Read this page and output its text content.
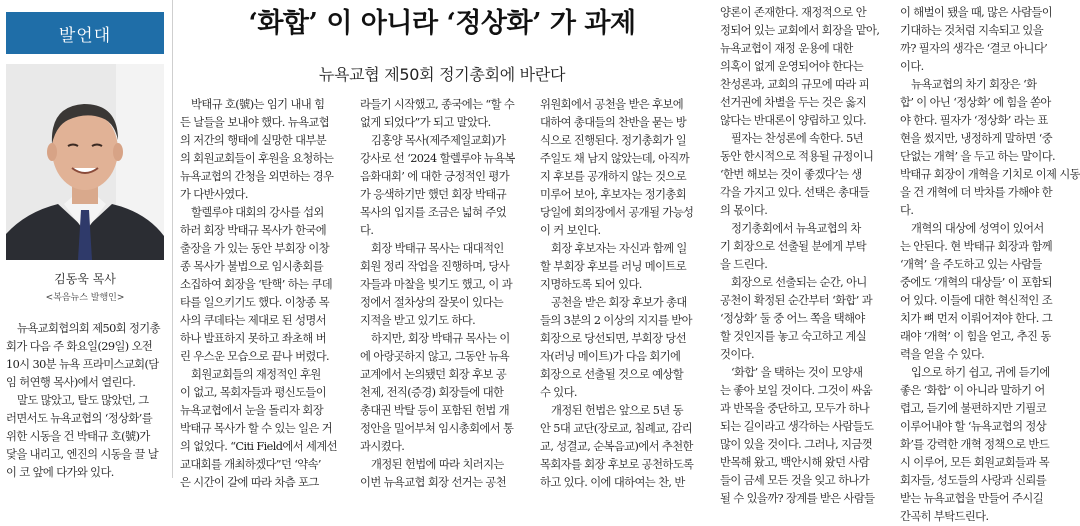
발언대
김동욱 목사
<복음뉴스 발행인>
‘화합’ 이 아니라 ‘정상화’ 가 과제
뉴욕교협 제50회 정기총회에 바란다
뉴욕교회협의회 제50회 정기총
회가 다음 주 화요일(29일) 오전
10시 30분 뉴욕 프라미스교회(담
임 허연행 목사)에서 열린다.
말도 많았고, 탈도 많았던, 그
러면서도 뉴욕교협의 ‘정상화’를
위한 시동을 건 박태규 호(號)가
닻을 내리고, 엔진의 시동을 끌 날
이 코 앞에 다가와 있다.
박태규 호(號)는 임기 내내 힘
든 날들을 보내야 했다. 뉴욕교협
의 저간의 행태에 실망한 대부분
의 회원교회들이 후원을 요청하는
뉴욕교협의 간청을 외면하는 경우
가 다반사였다.
할렐루야 대회의 강사를 섭외
하러 회장 박태규 목사가 한국에
출장을 가 있는 동안 부회장 이창
종 목사가 불법으로 임시총회를
소집하여 회장을 ‘탄핵’ 하는 쿠데
타를 일으키기도 했다. 이창종 목
사의 쿠데타는 제대로 된 성명서
하나 발표하지 못하고 좌초해 버
린 우스운 모습으로 끝나 버렸다.
회원교회들의 재정적인 후원
이 없고, 목회자들과 평신도들이
뉴욕교협에서 눈을 돌리자 회장
박태규 목사가 할 수 있는 일은 거
의 없었다. “Citi Field에서 세계선
교대회를 개최하겠다”던 ‘약속’
은 시간이 갈에 따라 차츰 포그
라들기 시작했고, 종국에는 “할 수
없게 되었다”가 되고 말았다.
김홍양 목사(제주제일교회)가
강사로 선 ‘2024 할렐루야 뉴욕복
음화대회’ 에 대한 긍정적인 평가
가 응색하기만 했던 회장 박태규
목사의 입지를 조금은 넓혀 주었
다.
회장 박태규 목사는 대대적인
회원 정리 작업을 진행하며, 당사
자들과 마찰을 빚기도 했고, 이 과
정에서 절차상의 잘못이 있다는
지적을 받고 있기도 하다.
하지만, 회장 박태규 목사는 이
에 아랑곳하지 않고, 그동안 뉴욕
교계에서 논의됐던 회장 후보 공
천제, 전직(증경) 회장들에 대한
총대권 박탈 등이 포함된 헌법 개
정안을 밀어부쳐 임시총회에서 통
과시켰다.
개정된 헌법에 따라 치러지는
이번 뉴욕교협 회장 선거는 공천
위원회에서 공천을 받은 후보에
대하여 총대들의 찬반을 묻는 방
식으로 진행된다. 정기총회가 일
주일도 채 남지 않았는데, 아직까
지 후보를 공개하지 않는 것으로
미루어 보아, 후보자는 정기총회
당일에 회의장에서 공개될 가능성
이 커 보인다.
회장 후보자는 자신과 함께 일
할 부회장 후보를 러닝 메이트로
지명하도록 되어 있다.
공천을 받은 회장 후보가 총대
들의 3분의 2 이상의 지지를 받아
회장으로 당선되면, 부회장 당선
자(러닝 메이트)가 다음 회기에
회장으로 선출될 것으로 예상할
수 있다.
개정된 헌법은 앞으로 5년 동
안 5대 교단(장로교, 침례교, 감리
교, 성결교, 순복음교)에서 추천한
목회자를 회장 후보로 공천하도록
하고 있다. 이에 대하여는 찬, 반
양론이 존재한다. 재정적으로 안
정되어 있는 교회에서 회장을 맡아,
뉴욕교협이 재정 운용에 대한
의혹이 없게 운영되어야 한다는
찬성론과, 교회의 규모에 따라 피
선거권에 차별을 두는 것은 옳지
않다는 반대론이 양립하고 있다.
필자는 찬성론에 속한다. 5년
동안 한시적으로 적용될 규정이니
‘한번 해보는 것이 좋겠다’는 생
각을 가지고 있다. 선택은 총대들
의 몫이다.
정기총회에서 뉴욕교협의 차
기 회장으로 선출될 분에게 부탁
을 드린다.
회장으로 선출되는 순간, 아니
공천이 확정된 순간부터 ‘화합’ 과
‘정상화’ 둘 중 어느 쪽을 택해야
할 것인지를 놓고 숙고하고 계실
것이다.
‘화합’ 을 택하는 것이 모양새
는 좋아 보일 것이다. 그것이 싸움
과 반목을 중단하고, 모두가 하나
되는 길이라고 생각하는 사람들도
많이 있을 것이다. 그러나, 지금껏
반목해 왔고, 백안시해 왔던 사람
들이 금세 모든 것을 잊고 하나가
될 수 있을까? 장계를 받은 사람들
이 해벌이 됐을 때, 많은 사람들이
기대하는 것처럼 지속되고 있을
까? 필자의 생각은 ‘결코 아니다’
이다.
뉴욕교협의 차기 회장은 ‘화
합’ 이 아닌 ‘정상화’ 에 힘을 쏟아
야 한다. 필자가 ‘정상화’ 라는 표
현을 썼지만, 냉정하게 말하면 ‘중
단없는 개혁’ 을 두고 하는 말이다.
박태규 회장이 개혁을 기치로 이제 시동
을 건 개혁에 더 박차를 가해야 한
다.
개혁의 대상에 성역이 있어서
는 안된다. 현 박태규 회장과 함께
‘개혁’ 을 주도하고 있는 사람들
중에도 ‘개혁의 대상들’ 이 포함되
어 있다. 이들에 대한 혁신적인 조
치가 뼈 먼저 이뤄어져야 한다. 그
래야 ‘개혁’ 이 힘을 얻고, 추진 동
력을 얻을 수 있다.
입으로 하기 쉽고, 귀에 듣기에
좋은 ‘화합’ 이 아니라 말하기 어
렵고, 듣기에 불편하지만 기필코
이루어내야 할 ‘뉴욕교협의 정상
화’를 강력한 개혁 정책으로 반드
시 이루어, 모든 회원교회들과 목
회자들, 성도들의 사랑과 신뢰를
받는 뉴욕교협을 만들어 주시길
간곡히 부탁드린다.
